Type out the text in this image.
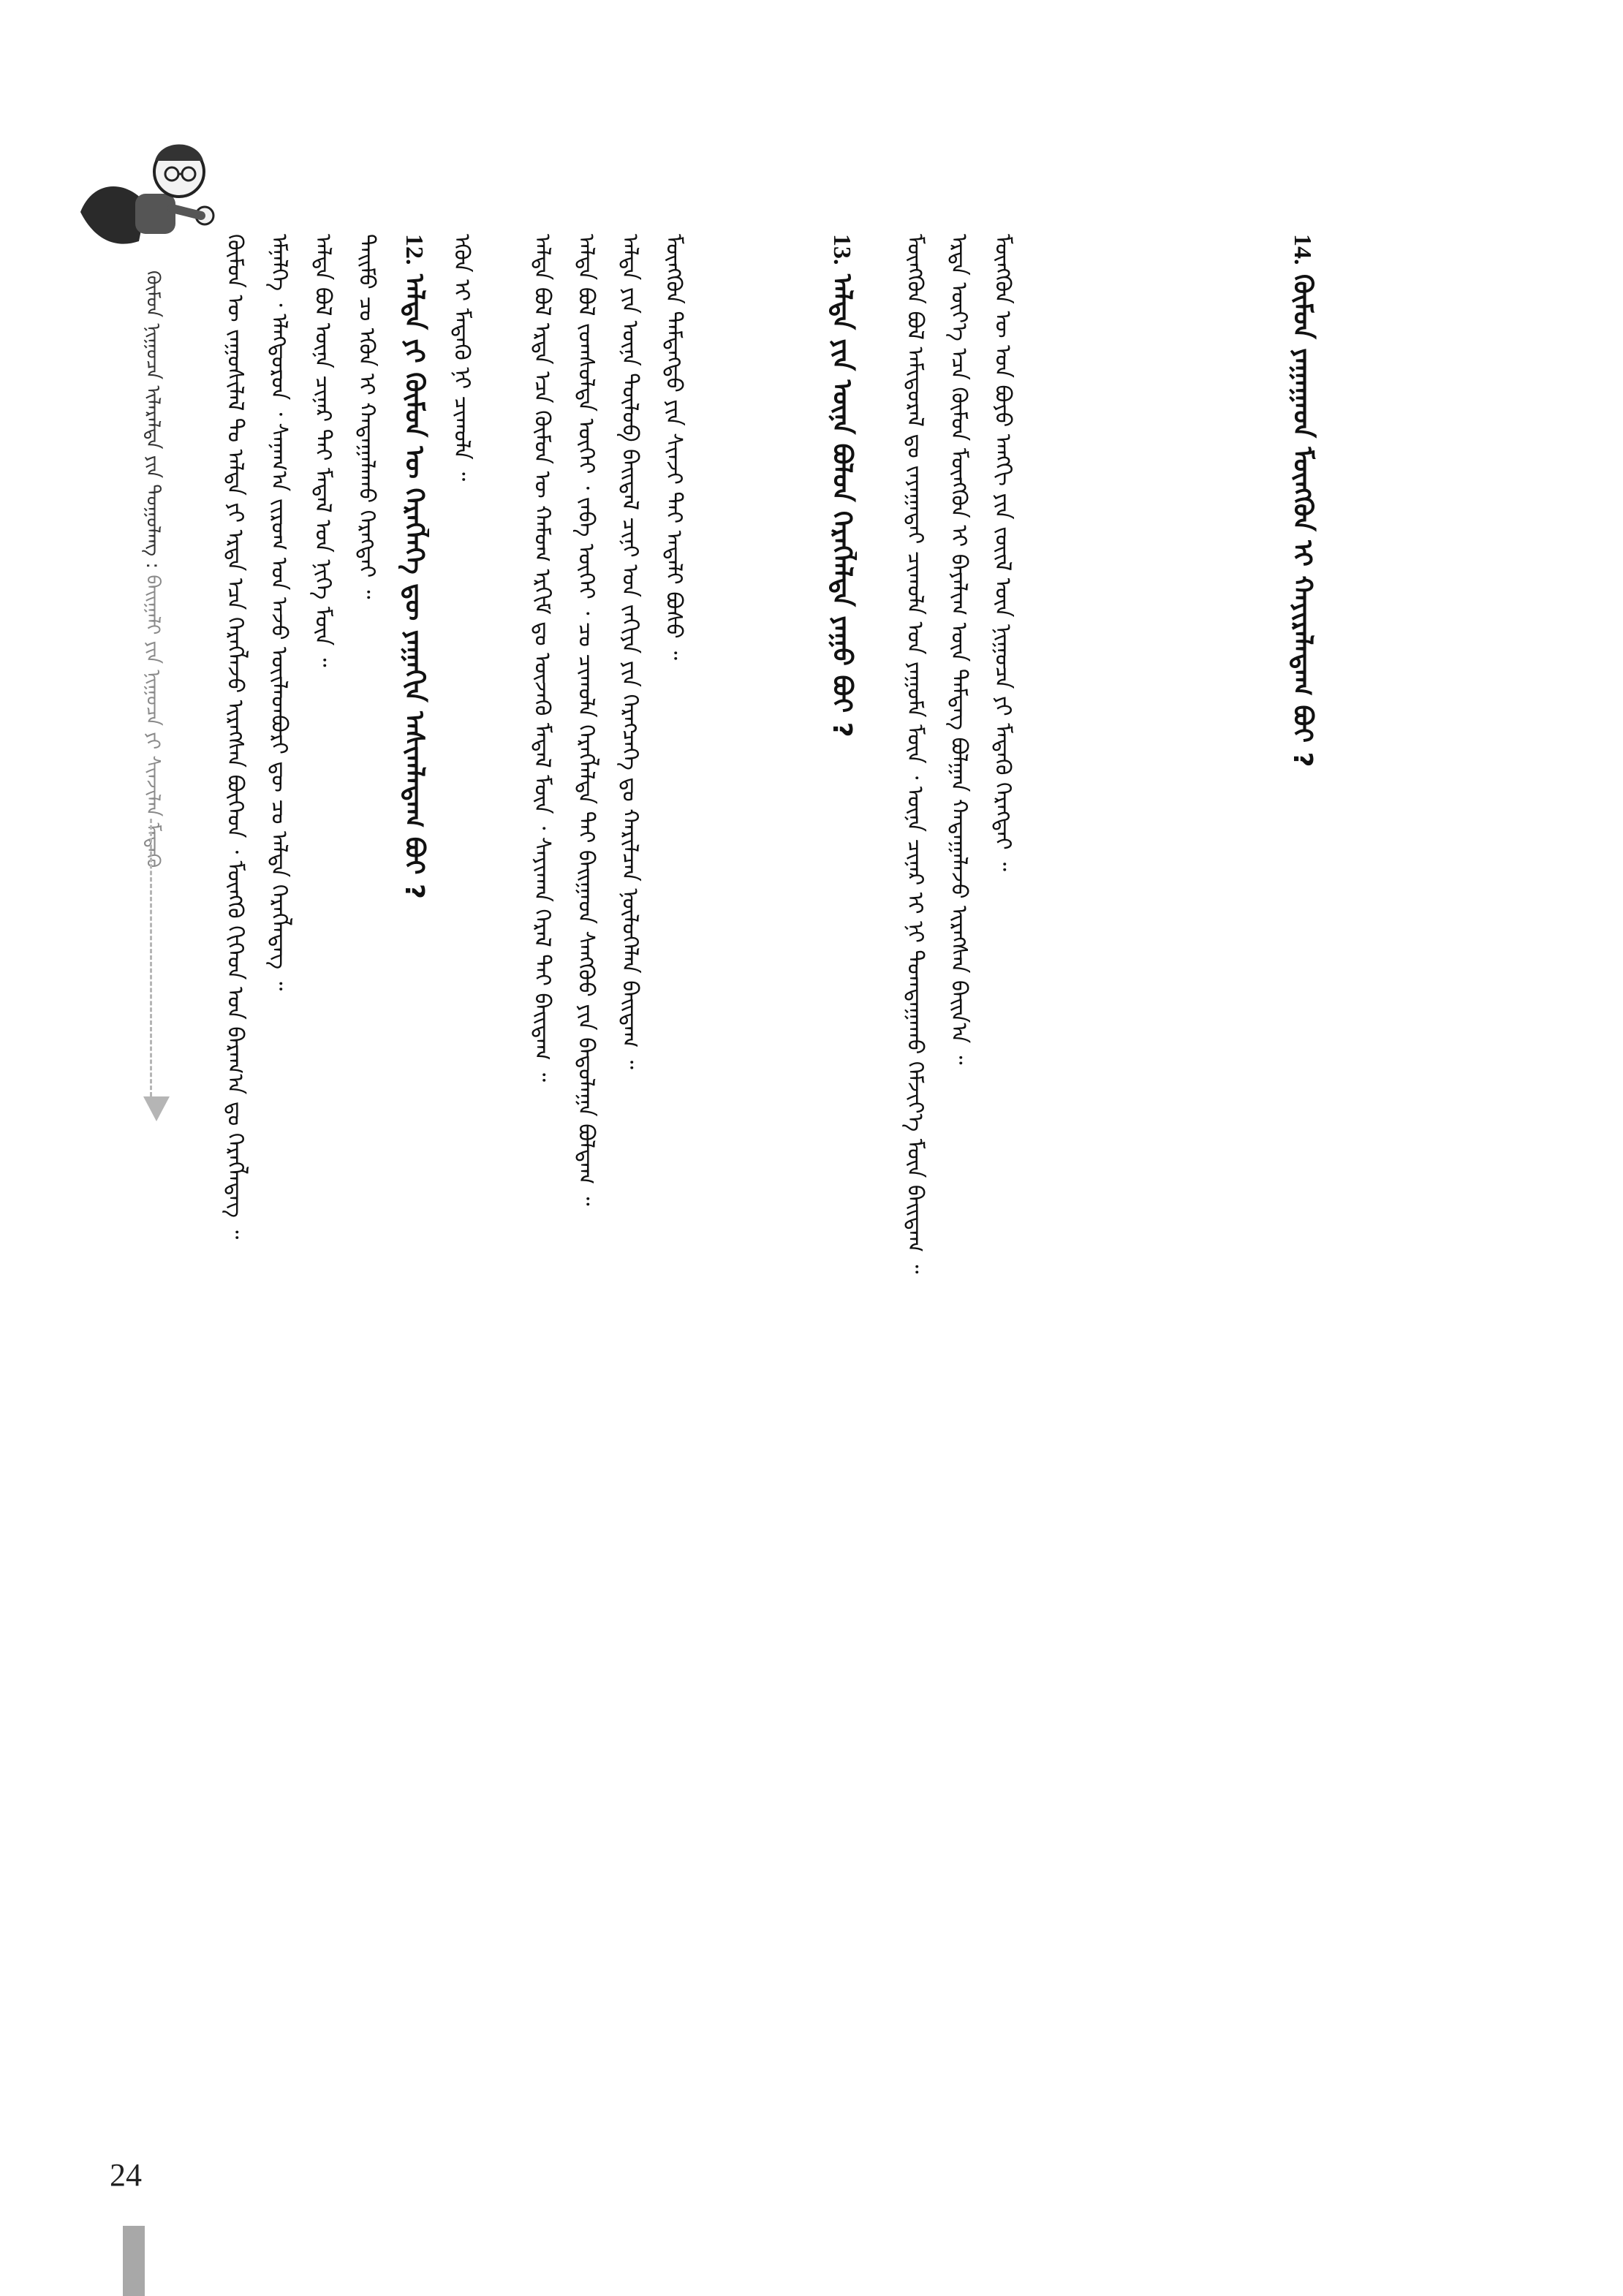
ᠬᠦᠮᠦᠨ ᠨᠢᠭᠤᠴᠠ ᠢᠯᠡᠷᠡᠯᠲᠡ ᠶᠢᠨ ᠳᠤᠭᠤᠯᠠᠩ : ᠪᠠᠢᠭᠠᠯᠢ ᠶᠢᠨ ᠨᠢᠭᠤᠴᠠ ᠶᠢ ᠰᠢᠨᠵᠢᠯᠡᠨ ᠮᠡᠳᠡᠬᠦ	ᠬᠦᠮᠦᠨ ᠦ ᠵᠠᠭᠤᠰᠢᠯᠠᠯ ᠲᠤ ᠠᠯᠲᠠ ᠶᠢ ᠡᠷᠲᠡ ᠡᠴᠡ ᠬᠡᠷᠡᠭᠯᠡᠵᠦ ᠢᠷᠡᠭᠰᠡᠨ ᠪᠥᠭᠡᠳ ᠂ ᠮᠥᠩᠭᠦ ᠬᠢᠭᠡᠳ ᠡᠳ ᠪᠠᠷᠠᠭ᠎ᠠ ᠳᠤ ᠬᠡᠷᠡᠭᠯᠡᠳᠡᠭ ᠃ ᠡᠮᠨᠡᠯᠭᠡ ᠂ ᠡᠯᠡᠭᠲᠦᠷᠣᠨ ᠂ ᠰᠠᠨᠠᠭ᠎ᠠ ᠵᠢᠷᠤᠭ ᠤᠨ ᠠᠵᠤ ᠦᠢᠯᠡᠳᠪᠦᠷᠢ ᠳᠦ ᠴᠤ ᠠᠯᠲᠠ ᠬᠡᠷᠡᠭᠯᠡᠳᠡᠭ ᠃ ᠠᠯᠲᠠ ᠪᠣᠯ ᠦᠨᠡ ᠴᠢᠨᠠᠷ ᠲᠠᠢ ᠮᠡᠲᠠᠯ ᠤᠨ ᠨᠢᠭᠡ ᠮᠥᠨ ᠃ ᠲᠡᠢᠮᠦ ᠴᠤ ᠡᠭᠦᠨ ᠢ ᠬᠠᠳᠠᠭᠠᠯᠠᠬᠤ ᠬᠡᠷᠡᠭᠲᠡᠢ ᠃ 12. ᠠᠯᠲᠠ ᠶᠢ ᠬᠦᠮᠦᠨ ᠦ ᠬᠡᠷᠡᠭᠯᠡᠭᠡ ᠳᠦ ᠶᠠᠭᠠᠬᠢᠨ ᠠᠰᠢᠭᠯᠠᠳᠠᠭ ᠪᠤᠢ ? ᠡᠭᠦᠨ ᠢ ᠮᠡᠳᠡᠬᠦ ᠨᠢ ᠴᠢᠬᠤᠯᠠ ᠃	ᠠᠯᠲᠠ ᠪᠣᠯ ᠡᠷᠲᠡ ᠡᠴᠡ ᠬᠦᠮᠦᠨ ᠦ ᠬᠠᠮᠤᠭ ᠡᠷᠬᠢᠮ ᠳᠤ ᠦᠵᠡᠬᠦ ᠮᠡᠲᠠᠯ ᠮᠥᠨ ᠂ ᠰᠠᠶᠢᠬᠠᠨ ᠭᠡᠷᠡᠯ ᠲᠡᠢ ᠪᠠᠢᠳᠠᠭ ᠃ ᠠᠯᠲᠠ ᠪᠣᠯ ᠵᠣᠭᠰᠤᠯᠲᠠ ᠦᠭᠡᠢ ᠂ ᠵᠡᠪᠡ ᠦᠭᠡᠢ ᠂ ᠴᠤ ᠴᠢᠬᠤᠯᠠ ᠬᠡᠷᠡᠭᠯᠡᠯᠲᠡ ᠲᠡᠢ ᠪᠠᠢᠭᠠᠳ ᠰᠠᠩᠬᠦᠦ ᠶᠢᠨ ᠪᠠᠲᠤᠯᠠᠭᠠ ᠪᠣᠯᠳᠠᠭ ᠃ ᠠᠯᠲᠠ ᠶᠢᠨ ᠦᠨᠡ ᠲᠥᠯᠦᠪ ᠪᠠᠢᠳᠠᠯ ᠴᠢᠨᠢ ᠡᠳ ᠵᠠᠬᠢᠶᠠ ᠶᠢᠨ ᠬᠡᠷᠡᠭᠴᠡᠭᠡ ᠳᠤ ᠬᠠᠷᠢᠯᠴᠠᠨ ᠨᠥᠯᠦᠭᠡᠯᠡᠨ ᠪᠠᠢᠳᠠᠭ ᠃ ᠮᠥᠩᠭᠦᠨ ᠲᠡᠮᠳᠡᠭᠲᠦ ᠶᠢᠨ ᠰᠢᠨᠵᠢ ᠲᠠᠢ ᠠᠳᠠᠯᠢ ᠪᠣᠰᠤ ᠃	13. ᠠᠯᠲᠠ ᠶᠢᠨ ᠦᠨᠡ ᠪᠣᠯᠤᠨ ᠬᠡᠷᠡᠭᠯᠡᠯᠲᠡ ᠶᠠᠭᠤ ᠪᠤᠢ ? ᠮᠥᠩᠭᠦᠨ ᠪᠣᠯ ᠠᠮᠢᠳᠤᠷᠠᠯ ᠳᠤ ᠵᠠᠶᠠᠭᠠᠲᠠᠢ ᠴᠢᠬᠤᠯᠠ ᠡᠳ ᠶᠠᠭᠤᠮᠠ ᠮᠥᠨ ᠂ ᠦᠨᠡ ᠴᠢᠨᠠᠷ ᠢ ᠨᠢ ᠲᠣᠭᠲᠠᠭᠠᠬᠤ ᠬᠡᠮᠵᠢᠶ᠎ᠡ ᠮᠥᠨ ᠪᠠᠢᠳᠠᠭ ᠃ ᠡᠷᠲᠡ ᠦᠶ᠎ᠡ ᠡᠴᠡ ᠬᠦᠮᠦᠨ ᠮᠥᠩᠭᠦᠨ ᠢ ᠪᠠᠶᠠᠯᠢᠭ ᠦᠨ ᠲᠡᠮᠳᠡᠭ ᠪᠣᠯᠭᠠᠨ ᠬᠠᠳᠠᠭᠠᠯᠠᠵᠤ ᠢᠷᠡᠭᠰᠡᠨ ᠪᠠᠢᠨ᠎ᠠ ᠃ ᠮᠥᠩᠭᠦᠨ ᠦ ᠡᠳ ᠪᠤᠶᠤ ᠠᠩᠭᠢ ᠶᠢᠨ ᠵᠦᠢᠯ ᠦᠨ ᠨᠢᠭᠤᠴᠠ ᠶᠢ ᠮᠡᠳᠡᠬᠦ ᠬᠡᠷᠡᠭᠲᠡᠢ ᠃	14. ᠬᠦᠮᠦᠨ ᠶᠠᠭᠠᠭᠠᠳ ᠮᠥᠩᠭᠦᠨ ᠢ ᠬᠠᠶᠢᠷᠠᠯᠠᠳᠠᠭ ᠪᠤᠢ ?
24
